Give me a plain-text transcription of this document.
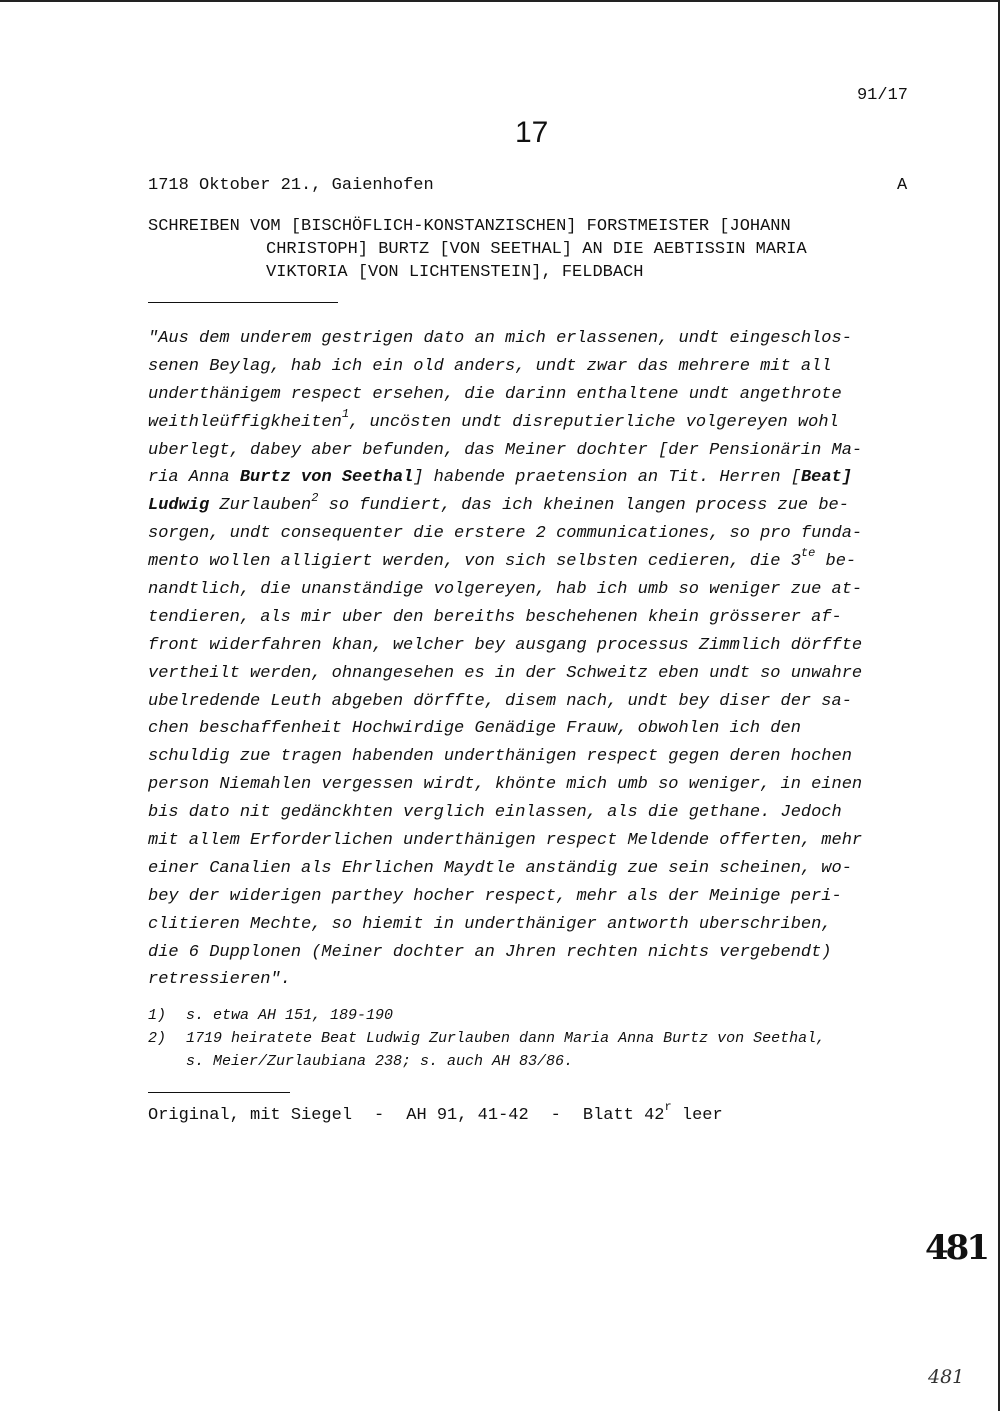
91/17
17
1718 Oktober 21., Gaienhofen	A
SCHREIBEN VOM [BISCHÖFLICH-KONSTANZISCHEN] FORSTMEISTER [JOHANN
CHRISTOPH] BURTZ [VON SEETHAL] AN DIE AEBTISSIN MARIA
VIKTORIA [VON LICHTENSTEIN], FELDBACH
"Aus dem underem gestrigen dato an mich erlassenen, undt eingeschlos-
senen Beylag, hab ich ein old anders, undt zwar das mehrere mit all
underthänigem respect ersehen, die darinn enthaltene undt angethrote
weithleüffigkheiten$^1$, uncösten undt disreputierliche volgereyen wohl
uberlegt, dabey aber befunden, das Meiner dochter [der Pensionärin Ma-
ria Anna Burtz von Seethal] habende praetension an Tit. Herren [Beat]
Ludwig Zurlauben$^2$ so fundiert, das ich kheinen langen process zue be-
sorgen, undt consequenter die erstere 2 communicationes, so pro funda-
mento wollen alligiert werden, von sich selbsten cedieren, die $3^{te}$ be-
nandtlich, die unanständige volgereyen, hab ich umb so weniger zue at-
tendieren, als mir uber den bereiths beschehenen khein grösserer af-
front widerfahren khan, welcher bey ausgang processus Zimmlich dörffte
vertheilt werden, ohnangesehen es in der Schweitz eben undt so unwahre
ubelredende Leuth abgeben dörffte, disem nach, undt bey diser der sa-
chen beschaffenheit Hochwirdige Genädige Frauw, obwohlen ich den
schuldig zue tragen habenden underthänigen respect gegen deren hochen
person Niemahlen vergessen wirdt, khönte mich umb so weniger, in einen
bis dato nit gedänckhten verglich einlassen, als die gethane. Jedoch
mit allem Erforderlichen underthänigen respect Meldende offerten, mehr
einer Canalien als Ehrlichen Maydtle anständig zue sein scheinen, wo-
bey der widerigen parthey hocher respect, mehr als der Meinige peri-
clitieren Mechte, so hiemit in underthäniger antworth uberschriben,
die 6 Dupplonen (Meiner dochter an Jhren rechten nichts vergebendt)
retressieren".
1) s. etwa AH 151, 189-190
2) 1719 heiratete Beat Ludwig Zurlauben dann Maria Anna Burtz von Seethal,
s. Meier/Zurlaubiana 238; s. auch AH 83/86.
Original, mit Siegel - AH 91, 41-42 - Blatt 42$^r$ leer
481
481
